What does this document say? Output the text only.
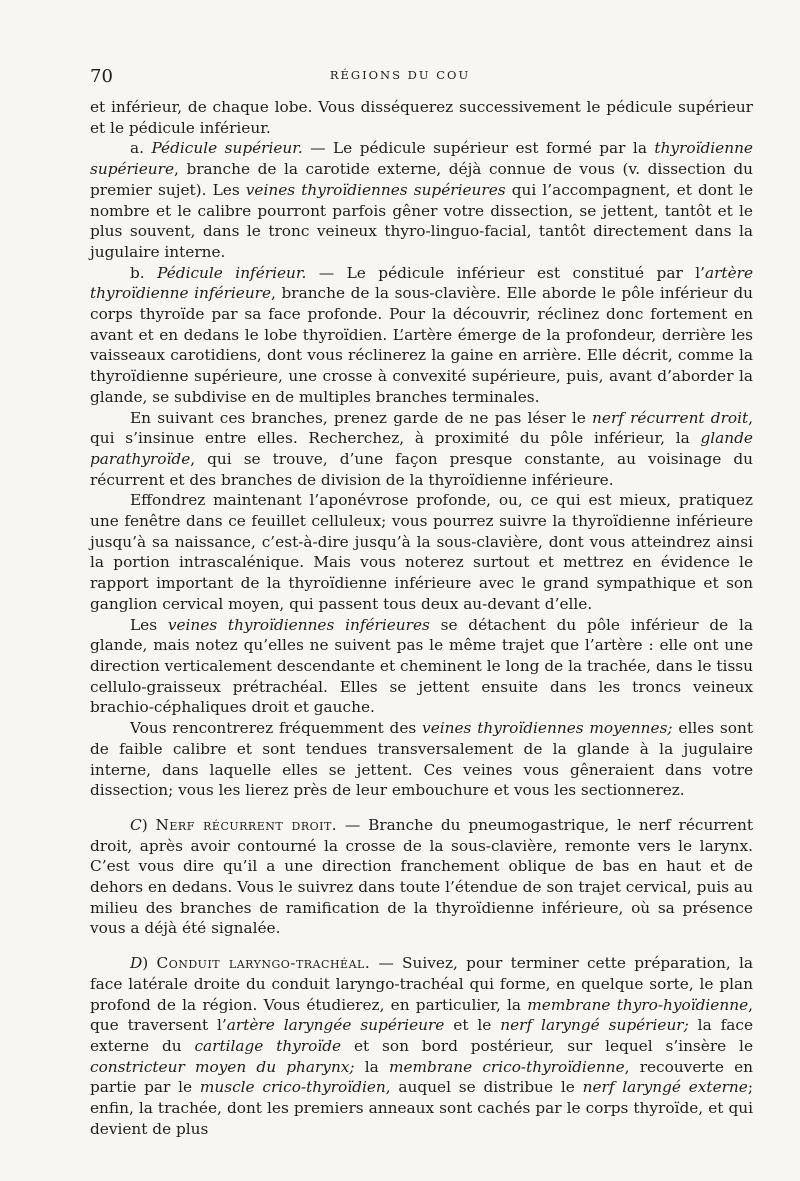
70	RÉGIONS DU COU

et inférieur, de chaque lobe. Vous disséquerez successivement le pédicule supérieur et le pédicule inférieur.

a. Pédicule supérieur. — Le pédicule supérieur est formé par la thyroïdienne supérieure, branche de la carotide externe, déjà connue de vous (v. dissection du premier sujet). Les veines thyroïdiennes supérieures qui l’accompagnent, et dont le nombre et le calibre pourront parfois gêner votre dissection, se jettent, tantôt et le plus souvent, dans le tronc veineux thyro-linguo-facial, tantôt directement dans la jugulaire interne.

b. Pédicule inférieur. — Le pédicule inférieur est constitué par l’artère thyroïdienne inférieure, branche de la sous-clavière. Elle aborde le pôle inférieur du corps thyroïde par sa face profonde. Pour la découvrir, réclinez donc fortement en avant et en dedans le lobe thyroïdien. L’artère émerge de la profondeur, derrière les vaisseaux carotidiens, dont vous réclinerez la gaine en arrière. Elle décrit, comme la thyroïdienne supérieure, une crosse à convexité supérieure, puis, avant d’aborder la glande, se subdivise en de multiples branches terminales.

En suivant ces branches, prenez garde de ne pas léser le nerf récurrent droit, qui s’insinue entre elles. Recherchez, à proximité du pôle inférieur, la glande parathyroïde, qui se trouve, d’une façon presque constante, au voisinage du récurrent et des branches de division de la thyroïdienne inférieure.

Effondrez maintenant l’aponévrose profonde, ou, ce qui est mieux, pratiquez une fenêtre dans ce feuillet celluleux; vous pourrez suivre la thyroïdienne inférieure jusqu’à sa naissance, c’est-à-dire jusqu’à la sous-clavière, dont vous atteindrez ainsi la portion intrascalénique. Mais vous noterez surtout et mettrez en évidence le rapport important de la thyroïdienne inférieure avec le grand sympathique et son ganglion cervical moyen, qui passent tous deux au-devant d’elle.

Les veines thyroïdiennes inférieures se détachent du pôle inférieur de la glande, mais notez qu’elles ne suivent pas le même trajet que l’artère : elle ont une direction verticalement descendante et cheminent le long de la trachée, dans le tissu cellulo-graisseux prétrachéal. Elles se jettent ensuite dans les troncs veineux brachio-céphaliques droit et gauche.

Vous rencontrerez fréquemment des veines thyroïdiennes moyennes; elles sont de faible calibre et sont tendues transversalement de la glande à la jugulaire interne, dans laquelle elles se jettent. Ces veines vous gêneraient dans votre dissection; vous les lierez près de leur embouchure et vous les sectionnerez.

C) Nerf récurrent droit. — Branche du pneumogastrique, le nerf récurrent droit, après avoir contourné la crosse de la sous-clavière, remonte vers le larynx. C’est vous dire qu’il a une direction franchement oblique de bas en haut et de dehors en dedans. Vous le suivrez dans toute l’étendue de son trajet cervical, puis au milieu des branches de ramification de la thyroïdienne inférieure, où sa présence vous a déjà été signalée.

D) Conduit laryngo-trachéal. — Suivez, pour terminer cette préparation, la face latérale droite du conduit laryngo-trachéal qui forme, en quelque sorte, le plan profond de la région. Vous étudierez, en particulier, la membrane thyro-hyoïdienne, que traversent l’artère laryngée supérieure et le nerf laryngé supérieur; la face externe du cartilage thyroïde et son bord postérieur, sur lequel s’insère le constricteur moyen du pharynx; la membrane crico-thyroïdienne, recouverte en partie par le muscle crico-thyroïdien, auquel se distribue le nerf laryngé externe; enfin, la trachée, dont les premiers anneaux sont cachés par le corps thyroïde, et qui devient de plus
